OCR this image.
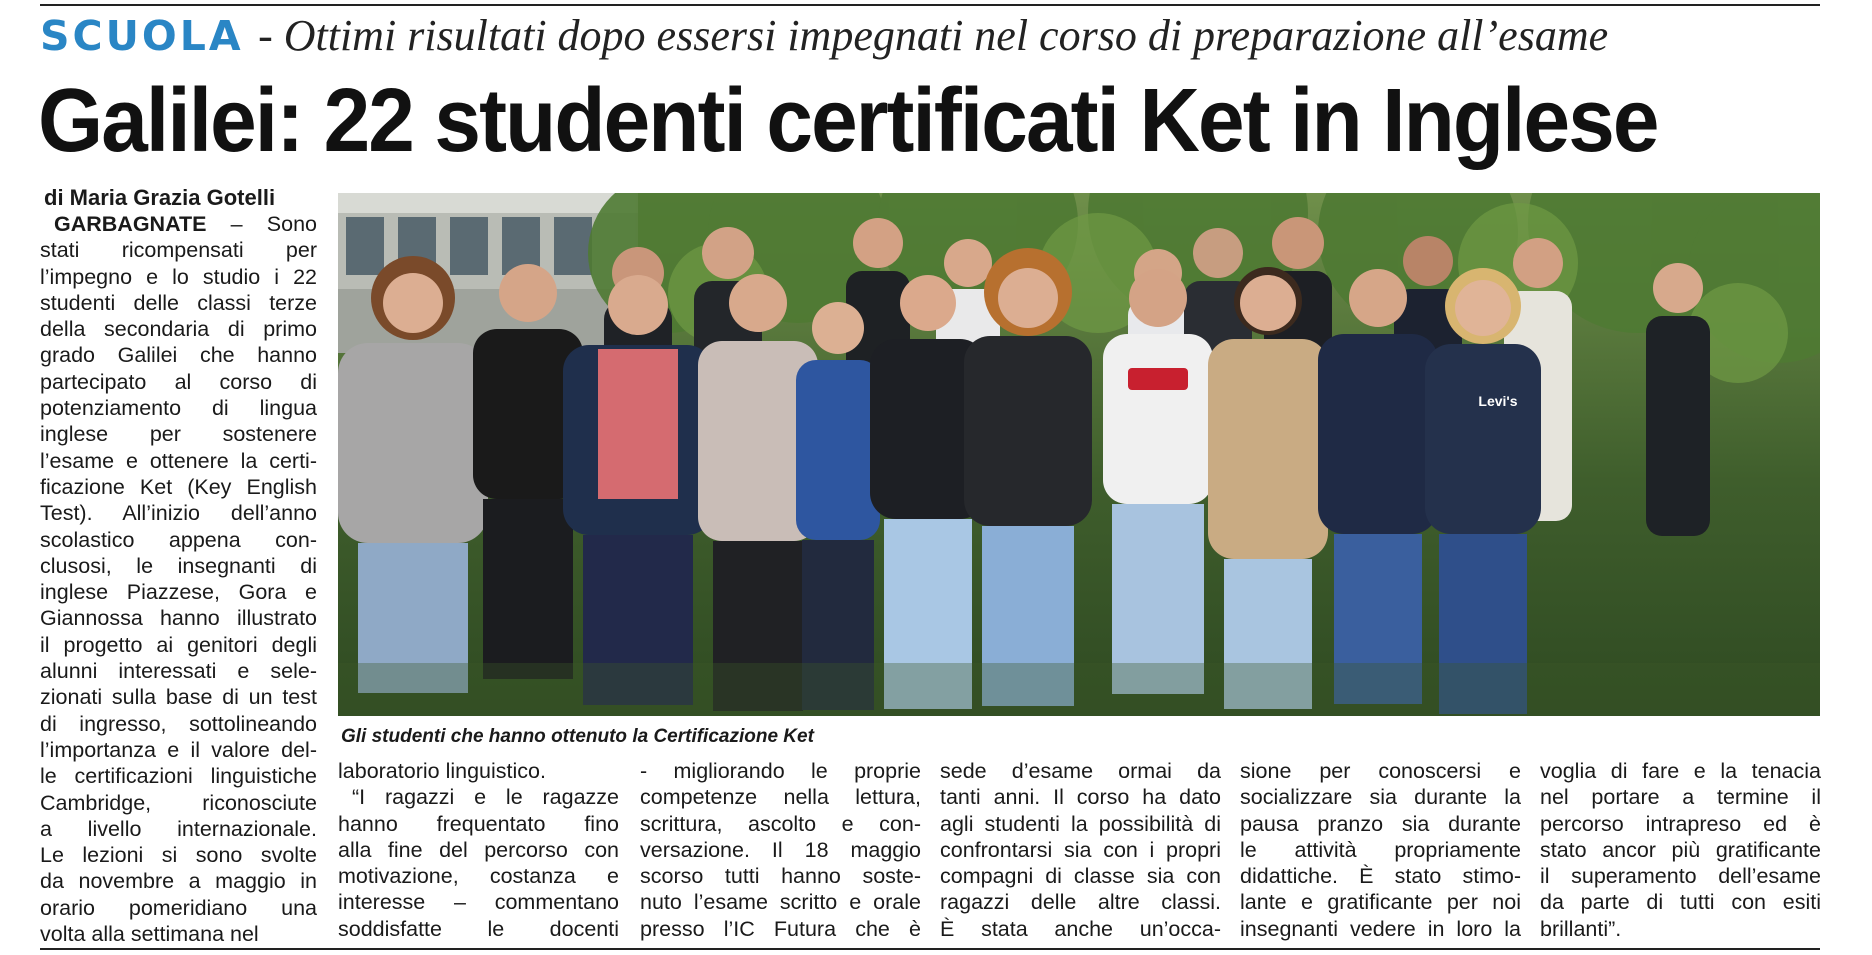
SCUOLA - Ottimi risultati dopo essersi impegnati nel corso di preparazione all’esame
Galilei: 22 studenti certificati Ket in Inglese
di Maria Grazia Gotelli
GARBAGNATE – Sono
stati ricompensati per
l’impegno e lo studio i 22
studenti delle classi terze
della secondaria di primo
grado Galilei che hanno
partecipato al corso di
potenziamento di lingua
inglese per sostenere
l’esame e ottenere la certi-
ficazione Ket (Key English
Test). All’inizio dell’anno
scolastico appena con-
clusosi, le insegnanti di
inglese Piazzese, Gora e
Giannossa hanno illustrato
il progetto ai genitori degli
alunni interessati e sele-
zionati sulla base di un test
di ingresso, sottolineando
l’importanza e il valore del-
le certificazioni linguistiche
Cambridge, riconosciute
a livello internazionale.
Le lezioni si sono svolte
da novembre a maggio in
orario pomeridiano una
volta alla settimana nel
Levi's
Gli studenti che hanno ottenuto la Certificazione Ket
laboratorio linguistico.
“I ragazzi e le ragazze
hanno frequentato fino
alla fine del percorso con
motivazione, costanza e
interesse – commentano
soddisfatte le docenti
- migliorando le proprie
competenze nella lettura,
scrittura, ascolto e con-
versazione. Il 18 maggio
scorso tutti hanno soste-
nuto l’esame scritto e orale
presso l’IC Futura che è
sede d’esame ormai da
tanti anni. Il corso ha dato
agli studenti la possibilità di
confrontarsi sia con i propri
compagni di classe sia con
ragazzi delle altre classi.
È stata anche un’occa-
sione per conoscersi e
socializzare sia durante la
pausa pranzo sia durante
le attività propriamente
didattiche. È stato stimo-
lante e gratificante per noi
insegnanti vedere in loro la
voglia di fare e la tenacia
nel portare a termine il
percorso intrapreso ed è
stato ancor più gratificante
il superamento dell’esame
da parte di tutti con esiti
brillanti”.
